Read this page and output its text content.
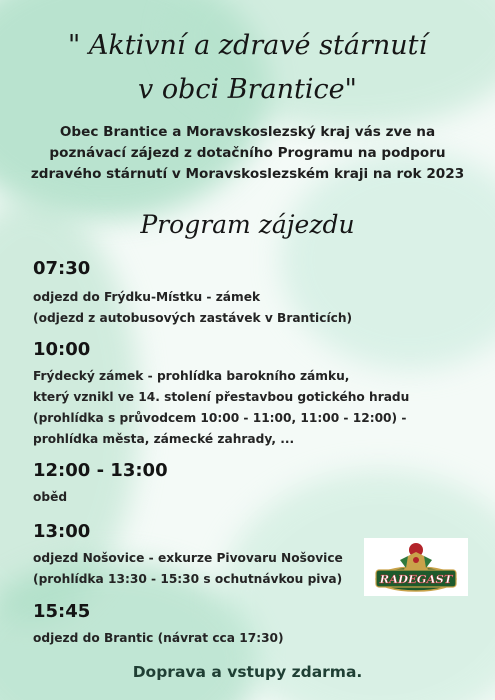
" Aktivní a zdravé stárnutí
v obci Brantice"
Obec Brantice a Moravskoslezský kraj vás zve na
poznávací zájezd z dotačního Programu na podporu
zdravého stárnutí v Moravskoslezském kraji na rok 2023
Program zájezdu
07:30
odjezd do Frýdku-Místku - zámek
(odjezd z autobusových zastávek v Branticích)
10:00
Frýdecký zámek - prohlídka barokního zámku,
který vznikl ve 14. stolení přestavbou gotického hradu
(prohlídka s průvodcem 10:00 - 11:00, 11:00 - 12:00) -
prohlídka města, zámecké zahrady, ...
12:00 - 13:00
oběd
13:00
odjezd Nošovice - exkurze Pivovaru Nošovice
(prohlídka 13:30 - 15:30 s ochutnávkou piva)
15:45
odjezd do Brantic (návrat cca 17:30)
RADEGAST
Doprava a vstupy zdarma.
